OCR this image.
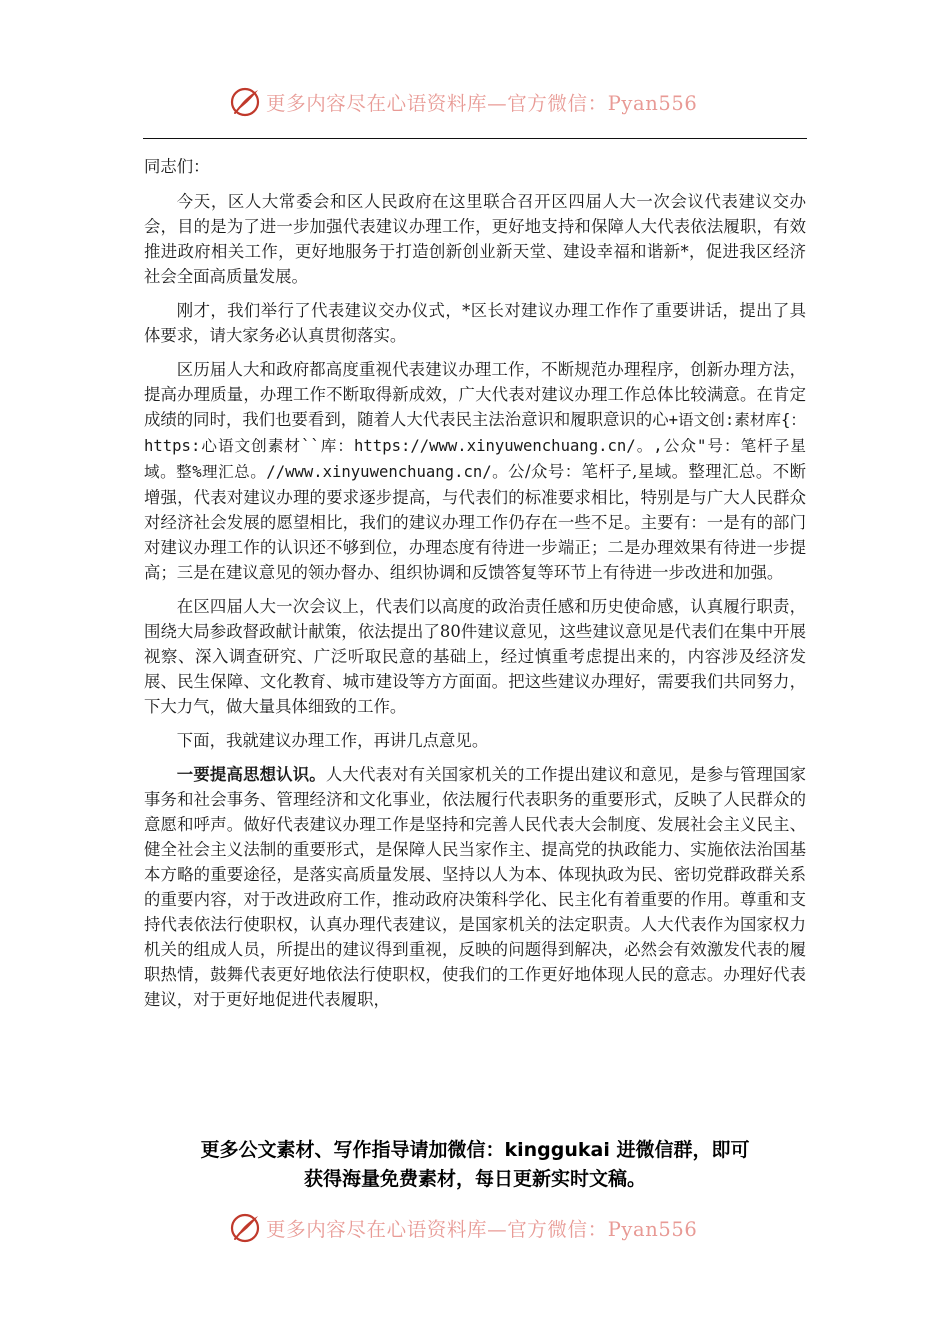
更多内容尽在心语资料库—官方微信：Pyan556

同志们：

今天，区人大常委会和区人民政府在这里联合召开区四届人大一次会议代表建议交办会，目的是为了进一步加强代表建议办理工作，更好地支持和保障人大代表依法履职，有效推进政府相关工作，更好地服务于打造创新创业新天堂、建设幸福和谐新*，促进我区经济社会全面高质量发展。

刚才，我们举行了代表建议交办仪式，*区长对建议办理工作作了重要讲话，提出了具体要求，请大家务必认真贯彻落实。

区历届人大和政府都高度重视代表建议办理工作，不断规范办理程序，创新办理方法，提高办理质量，办理工作不断取得新成效，广大代表对建议办理工作总体比较满意。在肯定成绩的同时，我们也要看到，随着人大代表民主法治意识和履职意识的心+语文创:素材库{：https:心语文创素材``库：https://www.xinyuwenchuang.cn/。,公众"号：笔杆子星域。整%理汇总。//www.xinyuwenchuang.cn/。公/众号：笔杆子,星域。整理汇总。不断增强，代表对建议办理的要求逐步提高，与代表们的标准要求相比，特别是与广大人民群众对经济社会发展的愿望相比，我们的建议办理工作仍存在一些不足。主要有：一是有的部门对建议办理工作的认识还不够到位，办理态度有待进一步端正；二是办理效果有待进一步提高；三是在建议意见的领办督办、组织协调和反馈答复等环节上有待进一步改进和加强。

在区四届人大一次会议上，代表们以高度的政治责任感和历史使命感，认真履行职责，围绕大局参政督政献计献策，依法提出了80件建议意见，这些建议意见是代表们在集中开展视察、深入调查研究、广泛听取民意的基础上，经过慎重考虑提出来的，内容涉及经济发展、民生保障、文化教育、城市建设等方方面面。把这些建议办理好，需要我们共同努力，下大力气，做大量具体细致的工作。

下面，我就建议办理工作，再讲几点意见。

一要提高思想认识。人大代表对有关国家机关的工作提出建议和意见，是参与管理国家事务和社会事务、管理经济和文化事业，依法履行代表职务的重要形式，反映了人民群众的意愿和呼声。做好代表建议办理工作是坚持和完善人民代表大会制度、发展社会主义民主、健全社会主义法制的重要形式，是保障人民当家作主、提高党的执政能力、实施依法治国基本方略的重要途径，是落实高质量发展、坚持以人为本、体现执政为民、密切党群政群关系的重要内容，对于改进政府工作，推动政府决策科学化、民主化有着重要的作用。尊重和支持代表依法行使职权，认真办理代表建议，是国家机关的法定职责。人大代表作为国家权力机关的组成人员，所提出的建议得到重视，反映的问题得到解决，必然会有效激发代表的履职热情，鼓舞代表更好地依法行使职权，使我们的工作更好地体现人民的意志。办理好代表建议，对于更好地促进代表履职，

更多公文素材、写作指导请加微信：kinggukai 进微信群，即可
获得海量免费素材，每日更新实时文稿。
更多内容尽在心语资料库—官方微信：Pyan556
